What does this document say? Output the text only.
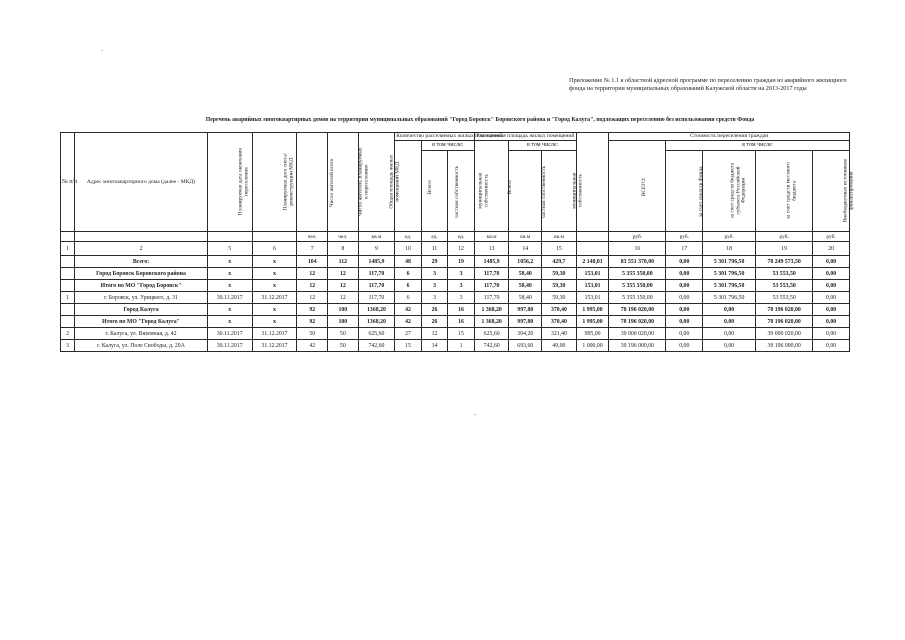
-
Приложение № 1.1 к областной адресной программе по переселению граждан из аварийного жилищного фонда на территории муниципальных образований Калужской области на 2013-2017 годы
Перечень аварийных многоквартирных домов на территории муниципальных образований "Город Боровск" Боровского района и "Город Калуга", подлежащих переселению без использования средств Фонда
№ п/п	Адрес многоквартирного дома (далее - МКД)	Планируемая дата окончания переселения	Планируемая дата сноса/реконструкции МКД	Число жителей всего	Число жителей, планируемых к переселению	Общая площадь жилых помещений МКД	Количество расселяемых жилых помещений			Расселяемая площадь жилых помещений				Стоимость переселения граждан				
							Всего:	в том числе:		Всего:	в том числе:			ВСЕГО:	в том числе:			
								частная собственность	муниципальная собственность		частная собственность	муниципальная собственность			за счет средств Фонда	за счет средств бюджета субъекта Российской Федерации	за счет средств местного бюджета	Внебюджетных источников финансирования
				чел.	чел.	кв.м	ед.	ед.	ед.	кв.м	кв.м	кв.м		руб.	руб.	руб.	руб.	руб.
1	2	5	6	7	8	9	10	11	12	13	14	15		16	17	18	19	20
	Всего:	x	x	104	112	1485,9	48	29	19	1485,9	1056,2	429,7	2 148,01	83 551 370,00	0,00	5 301 796,50	78 249 573,50	0,00
	Город Боровск Боровского района	x	x	12	12	117,70	6	3	3	117,70	58,40	59,30	153,01	5 355 350,00	0,00	5 301 796,50	53 553,50	0,00
	Итого по МО "Город Боровск"	x	x	12	12	117,70	6	3	3	117,70	58,40	59,30	153,01	5 355 350,00	0,00	5 301 796,50	53 553,50	0,00
1	г. Боровск, ул. Урицкого, д. 31	30.11.2017	31.12.2017	12	12	117,70	6	3	3	117,70	58,40	59,30	153,01	5 355 350,00	0,00	5 301 796,50	53 553,50	0,00
	Город Калуга	x	x	92	100	1368,20	42	26	16	1 368,20	997,80	370,40	1 995,00	78 196 020,00	0,00	0,00	78 196 020,00	0,00
	Итого по МО "Город Калуга"	x	x	92	100	1368,20	42	26	16	1 368,20	997,80	370,40	1 995,00	78 196 020,00	0,00	0,00	78 196 020,00	0,00
2	г. Калуга, ул. Вяземная, д. 42	30.11.2017	31.12.2017	50	50	625,60	27	12	15	625,60	304,20	321,40	995,00	39 000 020,00	0,00	0,00	39 000 020,00	0,00
3	г. Калуга, ул. Поле Свободы, д. 20А	30.11.2017	31.12.2017	42	50	742,60	15	14	1	742,60	693,60	49,00	1 000,00	39 196 000,00	0,00	0,00	39 196 000,00	0,00
-
